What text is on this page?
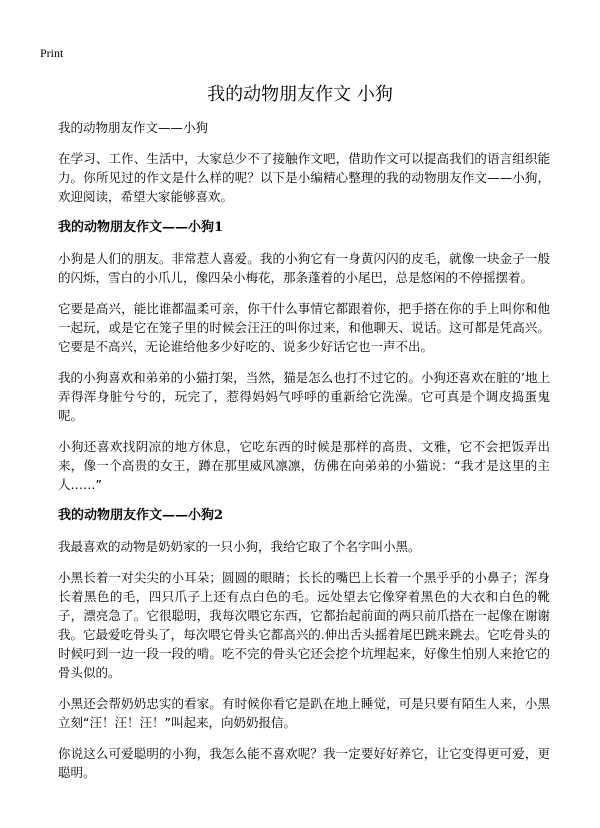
Print
我的动物朋友作文 小狗

我的动物朋友作文——小狗

在学习、工作、生活中，大家总少不了接触作文吧，借助作文可以提高我们的语言组织能力。你所见过的作文是什么样的呢？以下是小编精心整理的我的动物朋友作文——小狗，欢迎阅读，希望大家能够喜欢。

我的动物朋友作文——小狗1

小狗是人们的朋友。非常惹人喜爱。我的小狗它有一身黄闪闪的皮毛，就像一块金子一般的闪烁，雪白的小爪儿，像四朵小梅花，那条蓬着的小尾巴，总是悠闲的不停摇摆着。

它要是高兴，能比谁都温柔可亲，你干什么事情它都跟着你，把手搭在你的手上叫你和他一起玩，或是它在笼子里的时候会汪汪的叫你过来，和他聊天、说话。这可都是凭高兴。它要是不高兴，无论谁给他多少好吃的、说多少好话它也一声不出。

我的小狗喜欢和弟弟的小猫打架，当然，猫是怎么也打不过它的。小狗还喜欢在脏的’地上弄得浑身脏兮兮的，玩完了，惹得妈妈气呼呼的重新给它洗澡。它可真是个调皮捣蛋鬼呢。

小狗还喜欢找阴凉的地方休息，它吃东西的时候是那样的高贵、文雅，它不会把饭弄出来，像一个高贵的女王，蹲在那里威风凛凛，仿佛在向弟弟的小猫说：“我才是这里的主人……”

我的动物朋友作文——小狗2

我最喜欢的动物是奶奶家的一只小狗，我给它取了个名字叫小黑。

小黑长着一对尖尖的小耳朵；圆圆的眼睛；长长的嘴巴上长着一个黑乎乎的小鼻子；浑身长着黑色的毛，四只爪子上还有点白色的毛。远处望去它像穿着黑色的大衣和白色的靴子，漂亮急了。它很聪明，我每次喂它东西，它都抬起前面的两只前爪搭在一起像在谢谢我。它最爱吃骨头了，每次喂它骨头它都高兴的.伸出舌头摇着尾巴跳来跳去。它吃骨头的时候叼到一边一段一段的啃。吃不完的骨头它还会挖个坑埋起来，好像生怕别人来抢它的骨头似的。

小黑还会帮奶奶忠实的看家。有时候你看它是趴在地上睡觉，可是只要有陌生人来，小黑立刻“汪！汪！汪！”叫起来，向奶奶报信。

你说这么可爱聪明的小狗，我怎么能不喜欢呢？我一定要好好养它，让它变得更可爱，更聪明。
